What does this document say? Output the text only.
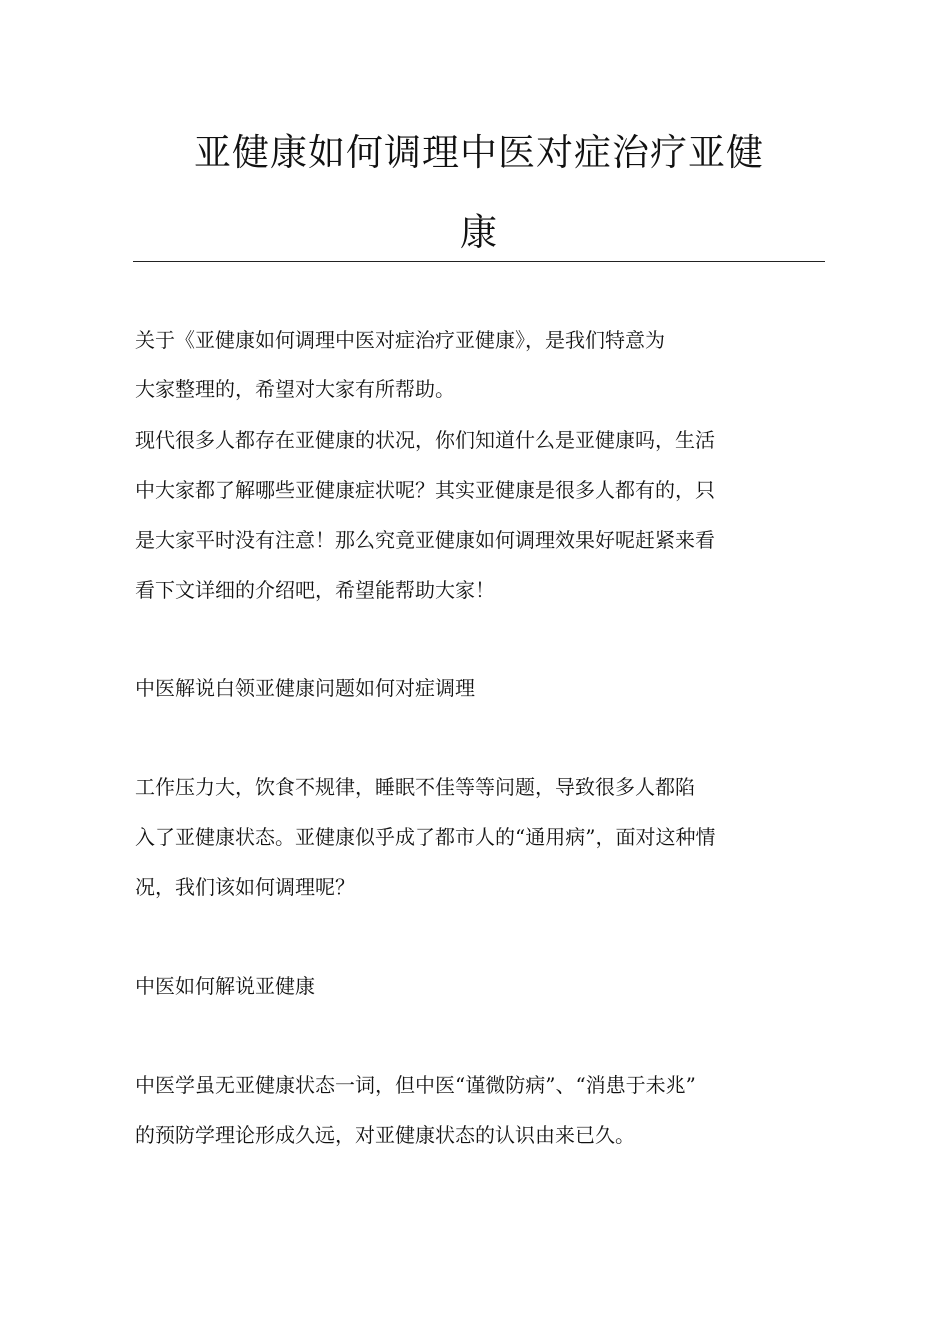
亚健康如何调理中医对症治疗亚健
康

关于《亚健康如何调理中医对症治疗亚健康》，是我们特意为

大家整理的，希望对大家有所帮助。

现代很多人都存在亚健康的状况，你们知道什么是亚健康吗，生活

中大家都了解哪些亚健康症状呢？其实亚健康是很多人都有的，只

是大家平时没有注意！那么究竟亚健康如何调理效果好呢赶紧来看

看下文详细的介绍吧，希望能帮助大家！

中医解说白领亚健康问题如何对症调理

工作压力大，饮食不规律，睡眠不佳等等问题，导致很多人都陷

入了亚健康状态。亚健康似乎成了都市人的“通用病”，面对这种情

况，我们该如何调理呢？

中医如何解说亚健康

中医学虽无亚健康状态一词，但中医“谨微防病”、“消患于未兆”

的预防学理论形成久远，对亚健康状态的认识由来已久。
